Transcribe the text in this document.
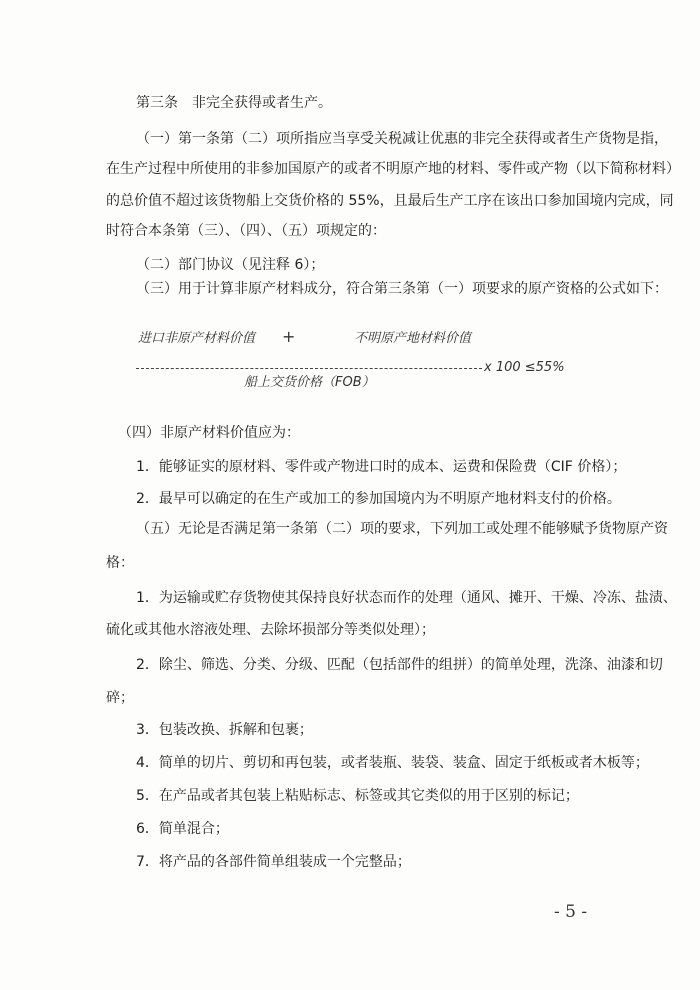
第三条　非完全获得或者生产。
（一）第一条第（二）项所指应当享受关税减让优惠的非完全获得或者生产货物是指，
在生产过程中所使用的非参加国原产的或者不明原产地的材料、零件或产物（以下简称材料）
的总价值不超过该货物船上交货价格的 55%，且最后生产工序在该出口参加国境内完成，同
时符合本条第（三）、（四）、（五）项规定的：
（二）部门协议（见注释 6）；
（三）用于计算非原产材料成分，符合第三条第（一）项要求的原产资格的公式如下：
进口非原产材料价值 +	不明原产地材料价值
x 100 ≤55%
船上交货价格（FOB）
（四）非原产材料价值应为：
1．能够证实的原材料、零件或产物进口时的成本、运费和保险费（CIF 价格）；
2．最早可以确定的在生产或加工的参加国境内为不明原产地材料支付的价格。
（五）无论是否满足第一条第（二）项的要求，下列加工或处理不能够赋予货物原产资
格：
1．为运输或贮存货物使其保持良好状态而作的处理（通风、摊开、干燥、冷冻、盐渍、
硫化或其他水溶液处理、去除坏损部分等类似处理）；
2．除尘、筛选、分类、分级、匹配（包括部件的组拼）的简单处理，洗涤、油漆和切
碎；
3．包装改换、拆解和包裹；
4．简单的切片、剪切和再包装，或者装瓶、装袋、装盒、固定于纸板或者木板等；
5．在产品或者其包装上粘贴标志、标签或其它类似的用于区别的标记；
6．简单混合；
7．将产品的各部件简单组装成一个完整品；
- 5 -
